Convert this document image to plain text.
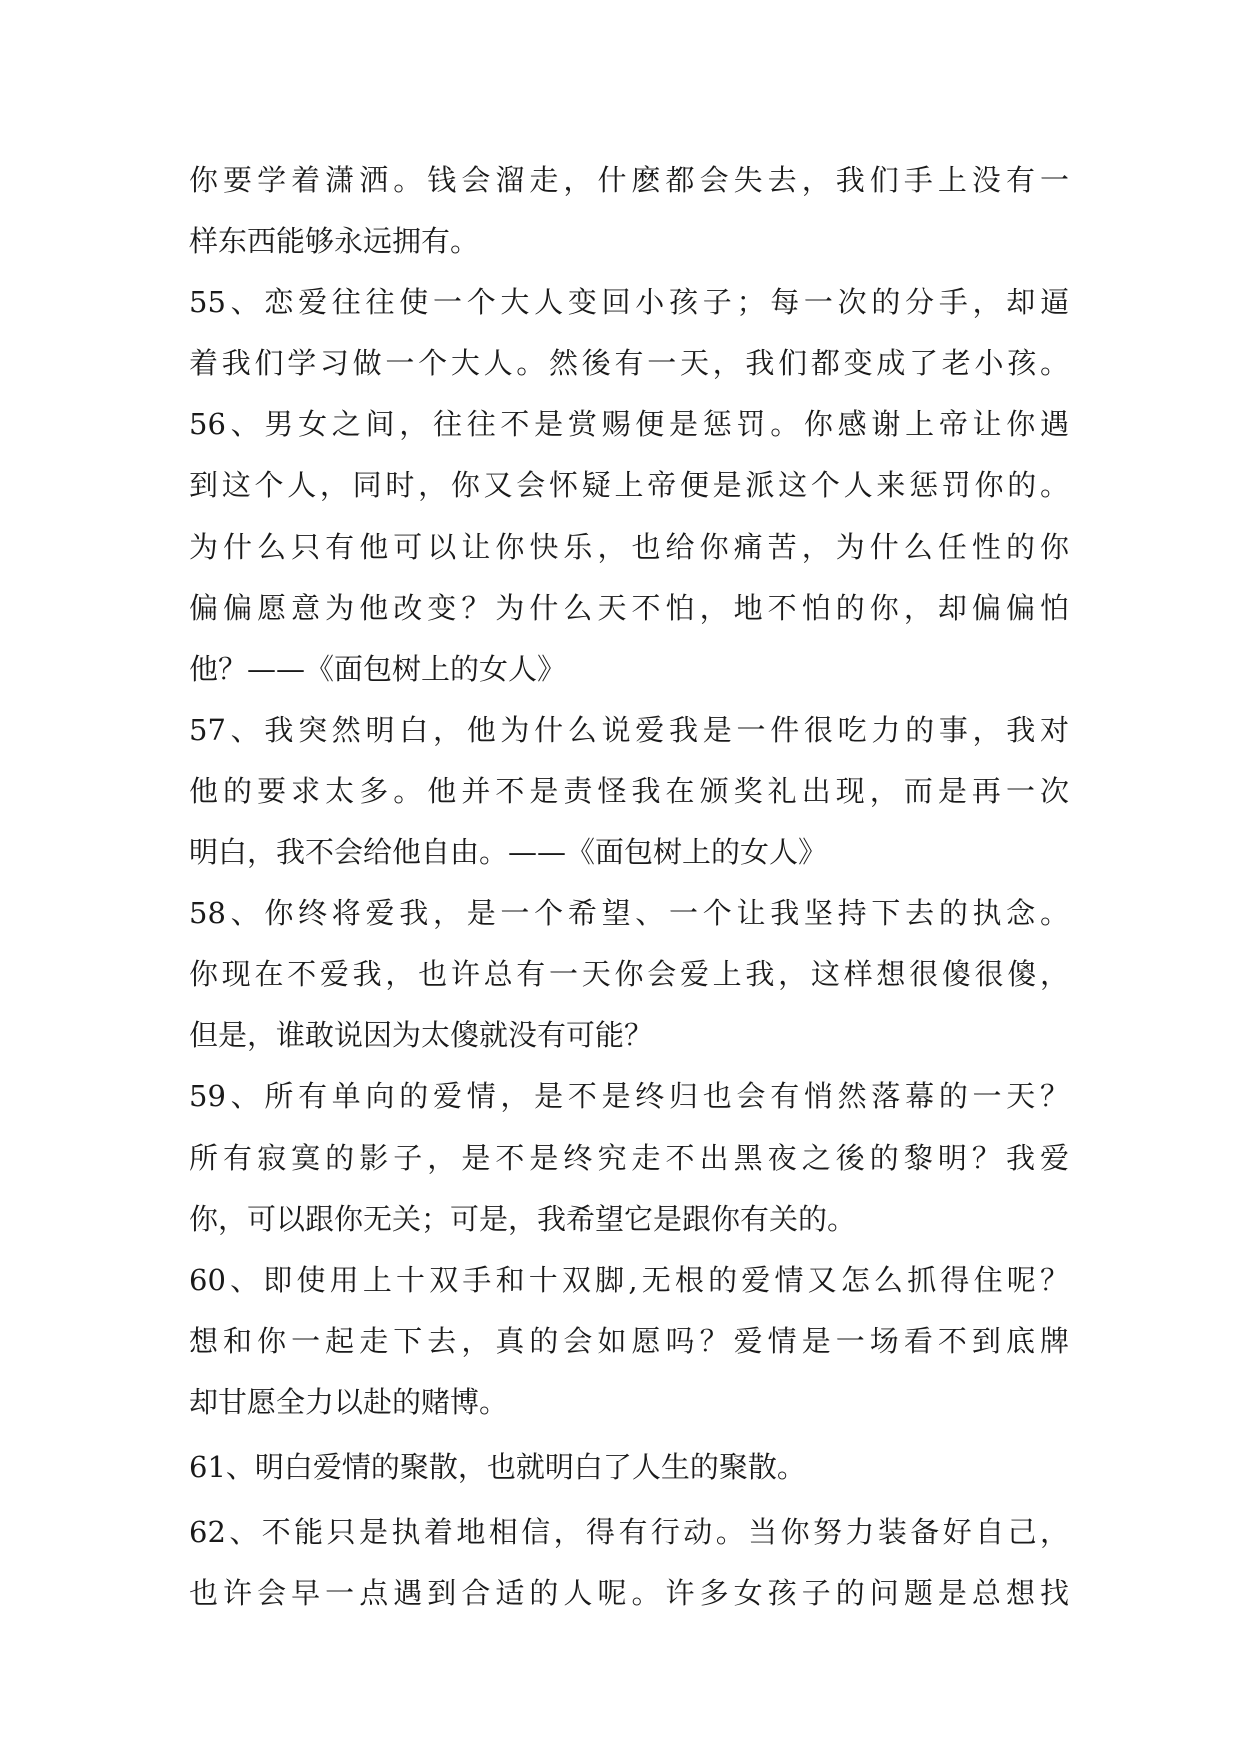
你要学着潇洒。钱会溜走，什麽都会失去，我们手上没有一
样东西能够永远拥有。
55、恋爱往往使一个大人变回小孩子；每一次的分手，却逼
着我们学习做一个大人。然後有一天，我们都变成了老小孩。
56、男女之间，往往不是赏赐便是惩罚。你感谢上帝让你遇
到这个人，同时，你又会怀疑上帝便是派这个人来惩罚你的。
为什么只有他可以让你快乐，也给你痛苦，为什么任性的你
偏偏愿意为他改变？为什么天不怕，地不怕的你，却偏偏怕
他？——《面包树上的女人》
57、我突然明白，他为什么说爱我是一件很吃力的事，我对
他的要求太多。他并不是责怪我在颁奖礼出现，而是再一次
明白，我不会给他自由。——《面包树上的女人》
58、你终将爱我，是一个希望、一个让我坚持下去的执念。
你现在不爱我，也许总有一天你会爱上我，这样想很傻很傻，
但是，谁敢说因为太傻就没有可能？
59、所有单向的爱情，是不是终归也会有悄然落幕的一天？
所有寂寞的影子，是不是终究走不出黑夜之後的黎明？我爱
你，可以跟你无关；可是，我希望它是跟你有关的。
60、即使用上十双手和十双脚,无根的爱情又怎么抓得住呢？
想和你一起走下去，真的会如愿吗？爱情是一场看不到底牌
却甘愿全力以赴的赌博。
61、明白爱情的聚散，也就明白了人生的聚散。
62、不能只是执着地相信，得有行动。当你努力装备好自己，
也许会早一点遇到合适的人呢。许多女孩子的问题是总想找
